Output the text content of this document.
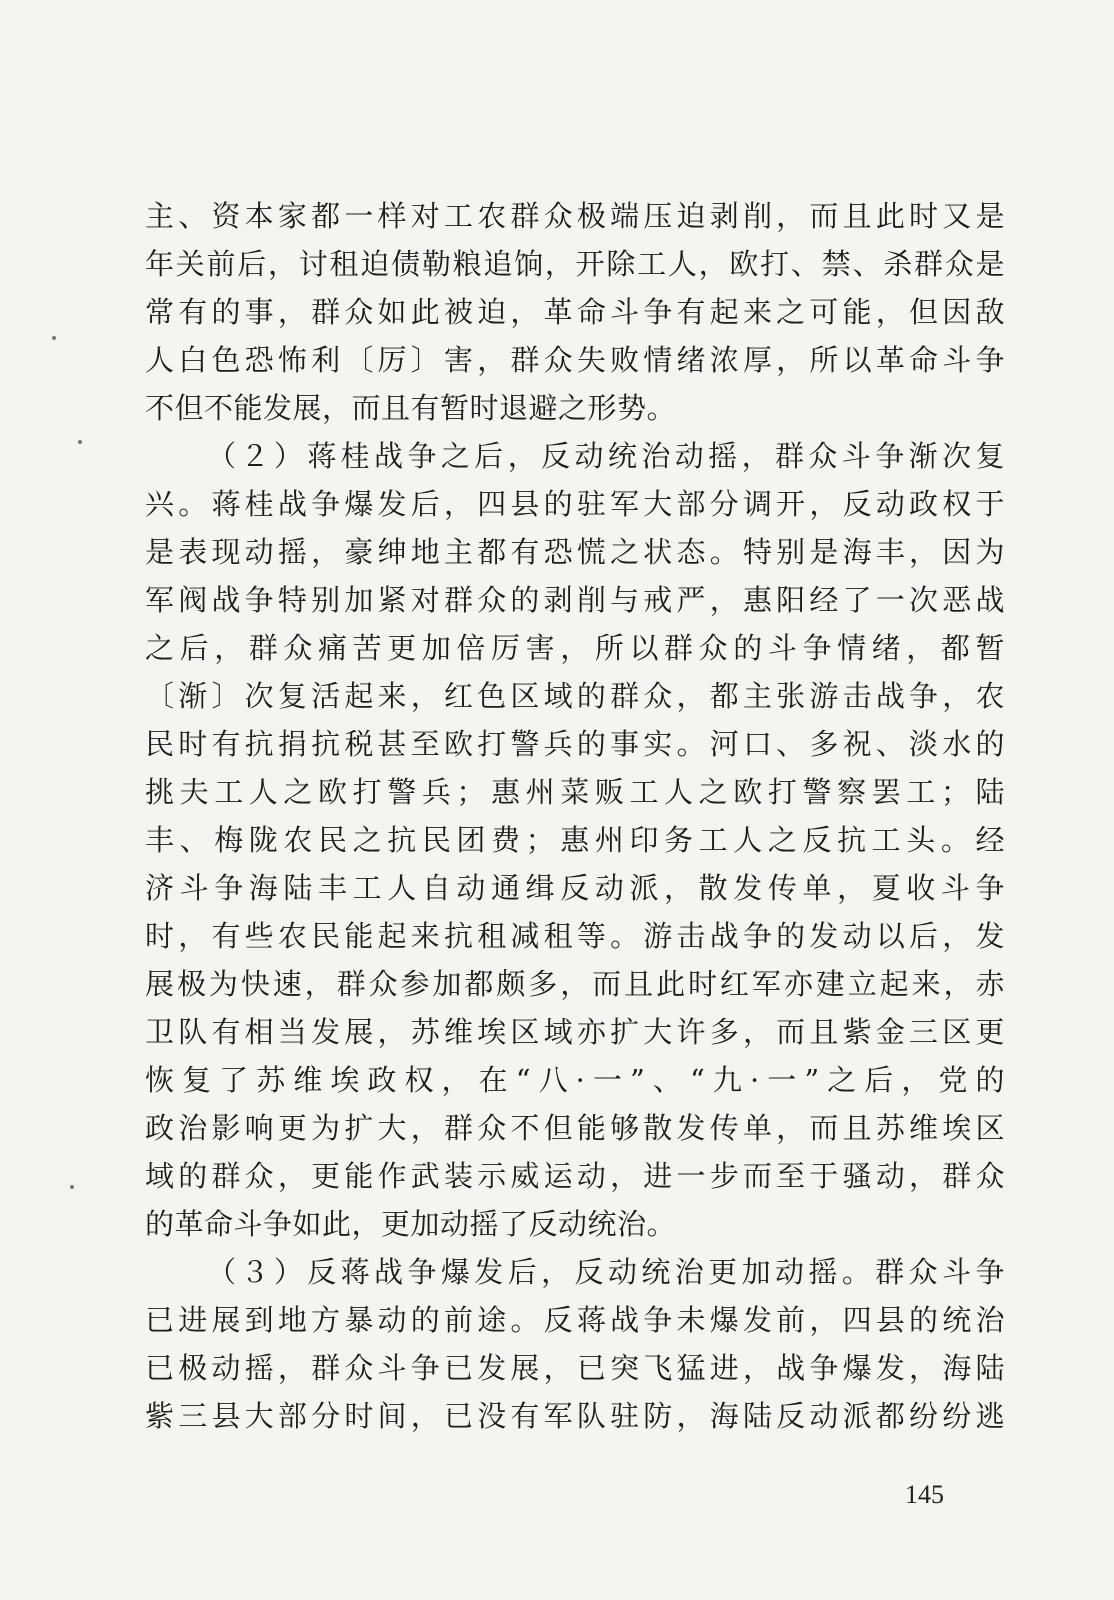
主、资本家都一样对工农群众极端压迫剥削，而且此时又是
年关前后，讨租迫债勒粮追饷，开除工人，欧打、禁、杀群众是
常有的事，群众如此被迫，革命斗争有起来之可能，但因敌
人白色恐怖利〔厉〕害，群众失败情绪浓厚，所以革命斗争
不但不能发展，而且有暂时退避之形势。
（２）蒋桂战争之后，反动统治动摇，群众斗争渐次复
兴。蒋桂战争爆发后，四县的驻军大部分调开，反动政权于
是表现动摇，豪绅地主都有恐慌之状态。特别是海丰，因为
军阀战争特别加紧对群众的剥削与戒严，惠阳经了一次恶战
之后，群众痛苦更加倍厉害，所以群众的斗争情绪，都暂
〔渐〕次复活起来，红色区域的群众，都主张游击战争，农
民时有抗捐抗税甚至欧打警兵的事实。河口、多祝、淡水的
挑夫工人之欧打警兵；惠州菜贩工人之欧打警察罢工；陆
丰、梅陇农民之抗民团费；惠州印务工人之反抗工头。经
济斗争海陆丰工人自动通缉反动派，散发传单，夏收斗争
时，有些农民能起来抗租减租等。游击战争的发动以后，发
展极为快速，群众参加都颇多，而且此时红军亦建立起来，赤
卫队有相当发展，苏维埃区域亦扩大许多，而且紫金三区更
恢复了苏维埃政权，在“八·一”、“九·一”之后，党的
政治影响更为扩大，群众不但能够散发传单，而且苏维埃区
域的群众，更能作武装示威运动，进一步而至于骚动，群众
的革命斗争如此，更加动摇了反动统治。
（３）反蒋战争爆发后，反动统治更加动摇。群众斗争
已进展到地方暴动的前途。反蒋战争未爆发前，四县的统治
已极动摇，群众斗争已发展，已突飞猛进，战争爆发，海陆
紫三县大部分时间，已没有军队驻防，海陆反动派都纷纷逃
145
